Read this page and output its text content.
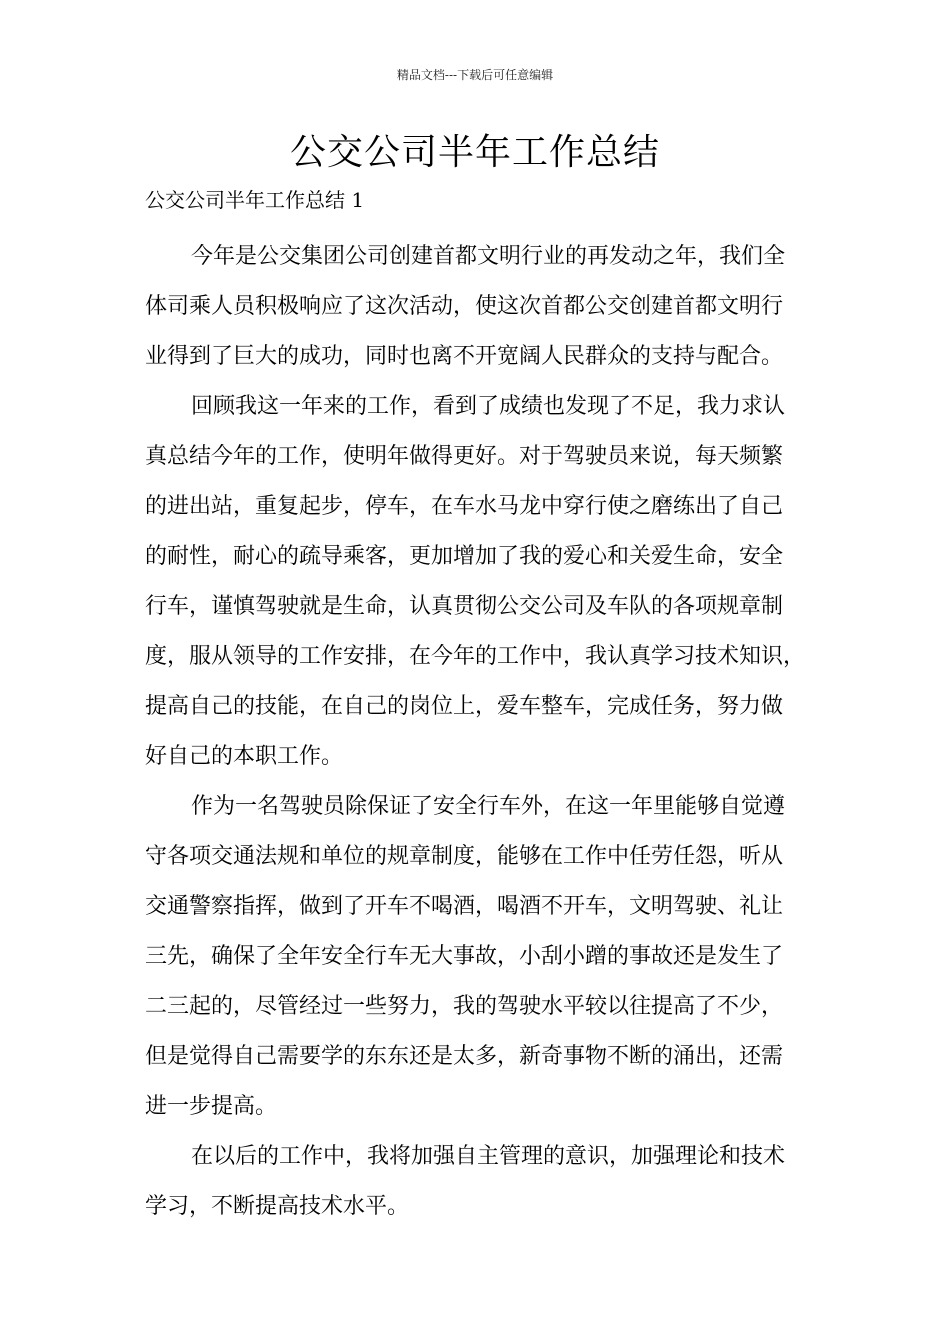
精品文档---下载后可任意编辑
公交公司半年工作总结
公交公司半年工作总结 1

今年是公交集团公司创建首都文明行业的再发动之年，我们全
体司乘人员积极响应了这次活动，使这次首都公交创建首都文明行
业得到了巨大的成功，同时也离不开宽阔人民群众的支持与配合。

回顾我这一年来的工作，看到了成绩也发现了不足，我力求认
真总结今年的工作，使明年做得更好。对于驾驶员来说，每天频繁
的进出站，重复起步，停车，在车水马龙中穿行使之磨练出了自己
的耐性，耐心的疏导乘客，更加增加了我的爱心和关爱生命，安全
行车，谨慎驾驶就是生命，认真贯彻公交公司及车队的各项规章制
度，服从领导的工作安排，在今年的工作中，我认真学习技术知识，
提高自己的技能，在自己的岗位上，爱车整车，完成任务，努力做
好自己的本职工作。

作为一名驾驶员除保证了安全行车外，在这一年里能够自觉遵
守各项交通法规和单位的规章制度，能够在工作中任劳任怨，听从
交通警察指挥，做到了开车不喝酒，喝酒不开车，文明驾驶、礼让
三先，确保了全年安全行车无大事故，小刮小蹭的事故还是发生了
二三起的，尽管经过一些努力，我的驾驶水平较以往提高了不少，
但是觉得自己需要学的东东还是太多，新奇事物不断的涌出，还需
进一步提高。

在以后的工作中，我将加强自主管理的意识，加强理论和技术
学习，不断提高技术水平。
